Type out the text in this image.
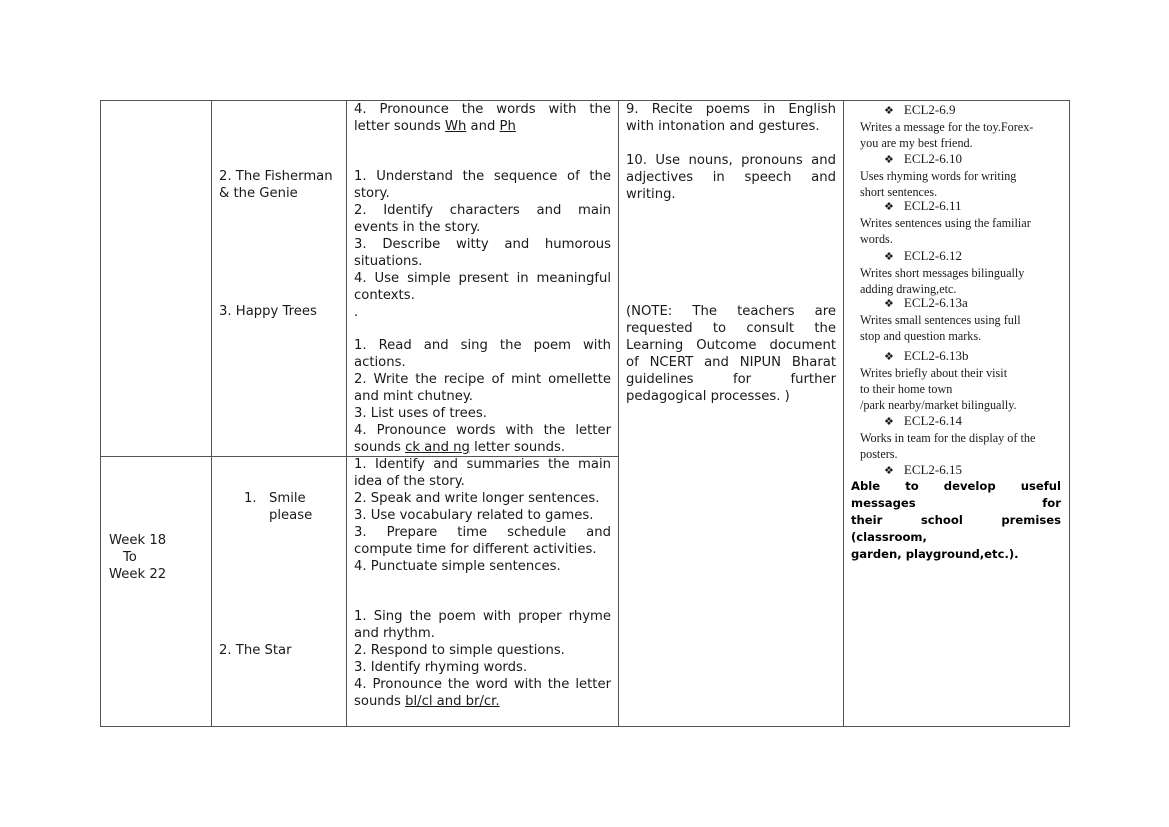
Week 18
To
Week 22
2. The Fisherman
& the Genie
3. Happy Trees
1. Smile
please
2. The Star
4. Pronounce the words with the
letter sounds Wh and Ph
1. Understand the sequence of the
story.
2. Identify characters and main
events in the story.
3. Describe witty and humorous
situations.
4. Use simple present in meaningful
contexts.
.
1. Read and sing the poem with
actions.
2. Write the recipe of mint omellette
and mint chutney.
3. List uses of trees.
4. Pronounce words with the letter
sounds ck and ng letter sounds.
1. Identify and summaries the main
idea of the story.
2. Speak and write longer sentences.
3. Use vocabulary related to games.
3. Prepare time schedule and
compute time for different activities.
4. Punctuate simple sentences.
1. Sing the poem with proper rhyme
and rhythm.
2. Respond to simple questions.
3. Identify rhyming words.
4. Pronounce the word with the letter
sounds bl/cl and br/cr.
9. Recite poems in English
with intonation and gestures.
10. Use nouns, pronouns and
adjectives in speech and
writing.
(NOTE: The teachers are
requested to consult the
Learning Outcome document
of NCERT and NIPUN Bharat
guidelines for further
pedagogical processes. )
❖ ECL2-6.9
Writes a message for the toy.Forex-
you are my best friend.
❖ ECL2-6.10
Uses rhyming words for writing
short sentences.
❖ ECL2-6.11
Writes sentences using the familiar
words.
❖ ECL2-6.12
Writes short messages bilingually
adding drawing,etc.
❖ ECL2-6.13a
Writes small sentences using full
stop and question marks.
❖ ECL2-6.13b
Writes briefly about their visit
to their home town
/park nearby/market bilingually.
❖ ECL2-6.14
Works in team for the display of the
posters.
❖ ECL2-6.15
Able to develop useful messages for
their school premises (classroom,
garden, playground,etc.).
